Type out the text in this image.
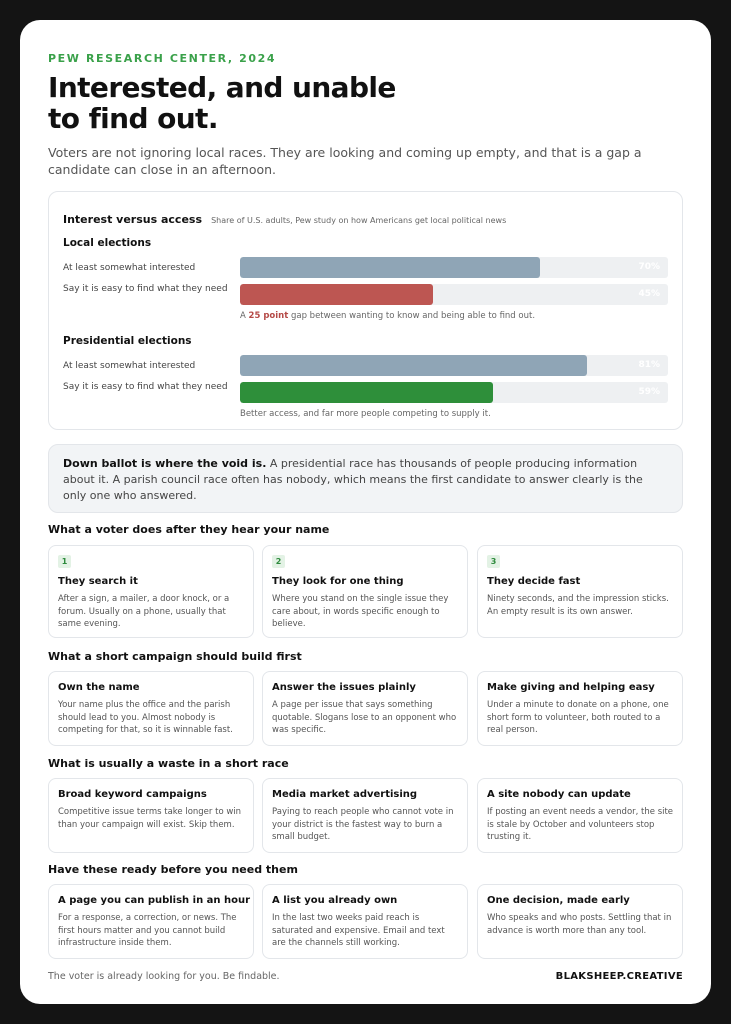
PEW RESEARCH CENTER, 2024
Interested, and unable
to find out.
Voters are not ignoring local races. They are looking and coming up empty, and that is a gap a candidate can close in an afternoon.
Interest versus access Share of U.S. adults, Pew study on how Americans get local political news
Local elections
At least somewhat interested	70%
Say it is easy to find what they need	45%
A 25 point gap between wanting to know and being able to find out.
Presidential elections
At least somewhat interested	81%
Say it is easy to find what they need	59%
Better access, and far more people competing to supply it.
Down ballot is where the void is. A presidential race has thousands of people producing information about it. A parish council race often has nobody, which means the first candidate to answer clearly is the only one who answered.
What a voter does after they hear your name
1
They search it
After a sign, a mailer, a door knock, or a forum. Usually on a phone, usually that same evening.
2
They look for one thing
Where you stand on the single issue they care about, in words specific enough to believe.
3
They decide fast
Ninety seconds, and the impression sticks. An empty result is its own answer.
What a short campaign should build first
Own the name
Your name plus the office and the parish should lead to you. Almost nobody is competing for that, so it is winnable fast.
Answer the issues plainly
A page per issue that says something quotable. Slogans lose to an opponent who was specific.
Make giving and helping easy
Under a minute to donate on a phone, one short form to volunteer, both routed to a real person.
What is usually a waste in a short race
Broad keyword campaigns
Competitive issue terms take longer to win than your campaign will exist. Skip them.
Media market advertising
Paying to reach people who cannot vote in your district is the fastest way to burn a small budget.
A site nobody can update
If posting an event needs a vendor, the site is stale by October and volunteers stop trusting it.
Have these ready before you need them
A page you can publish in an hour
For a response, a correction, or news. The first hours matter and you cannot build infrastructure inside them.
A list you already own
In the last two weeks paid reach is saturated and expensive. Email and text are the channels still working.
One decision, made early
Who speaks and who posts. Settling that in advance is worth more than any tool.
The voter is already looking for you. Be findable.	BLAKSHEEP.CREATIVE
